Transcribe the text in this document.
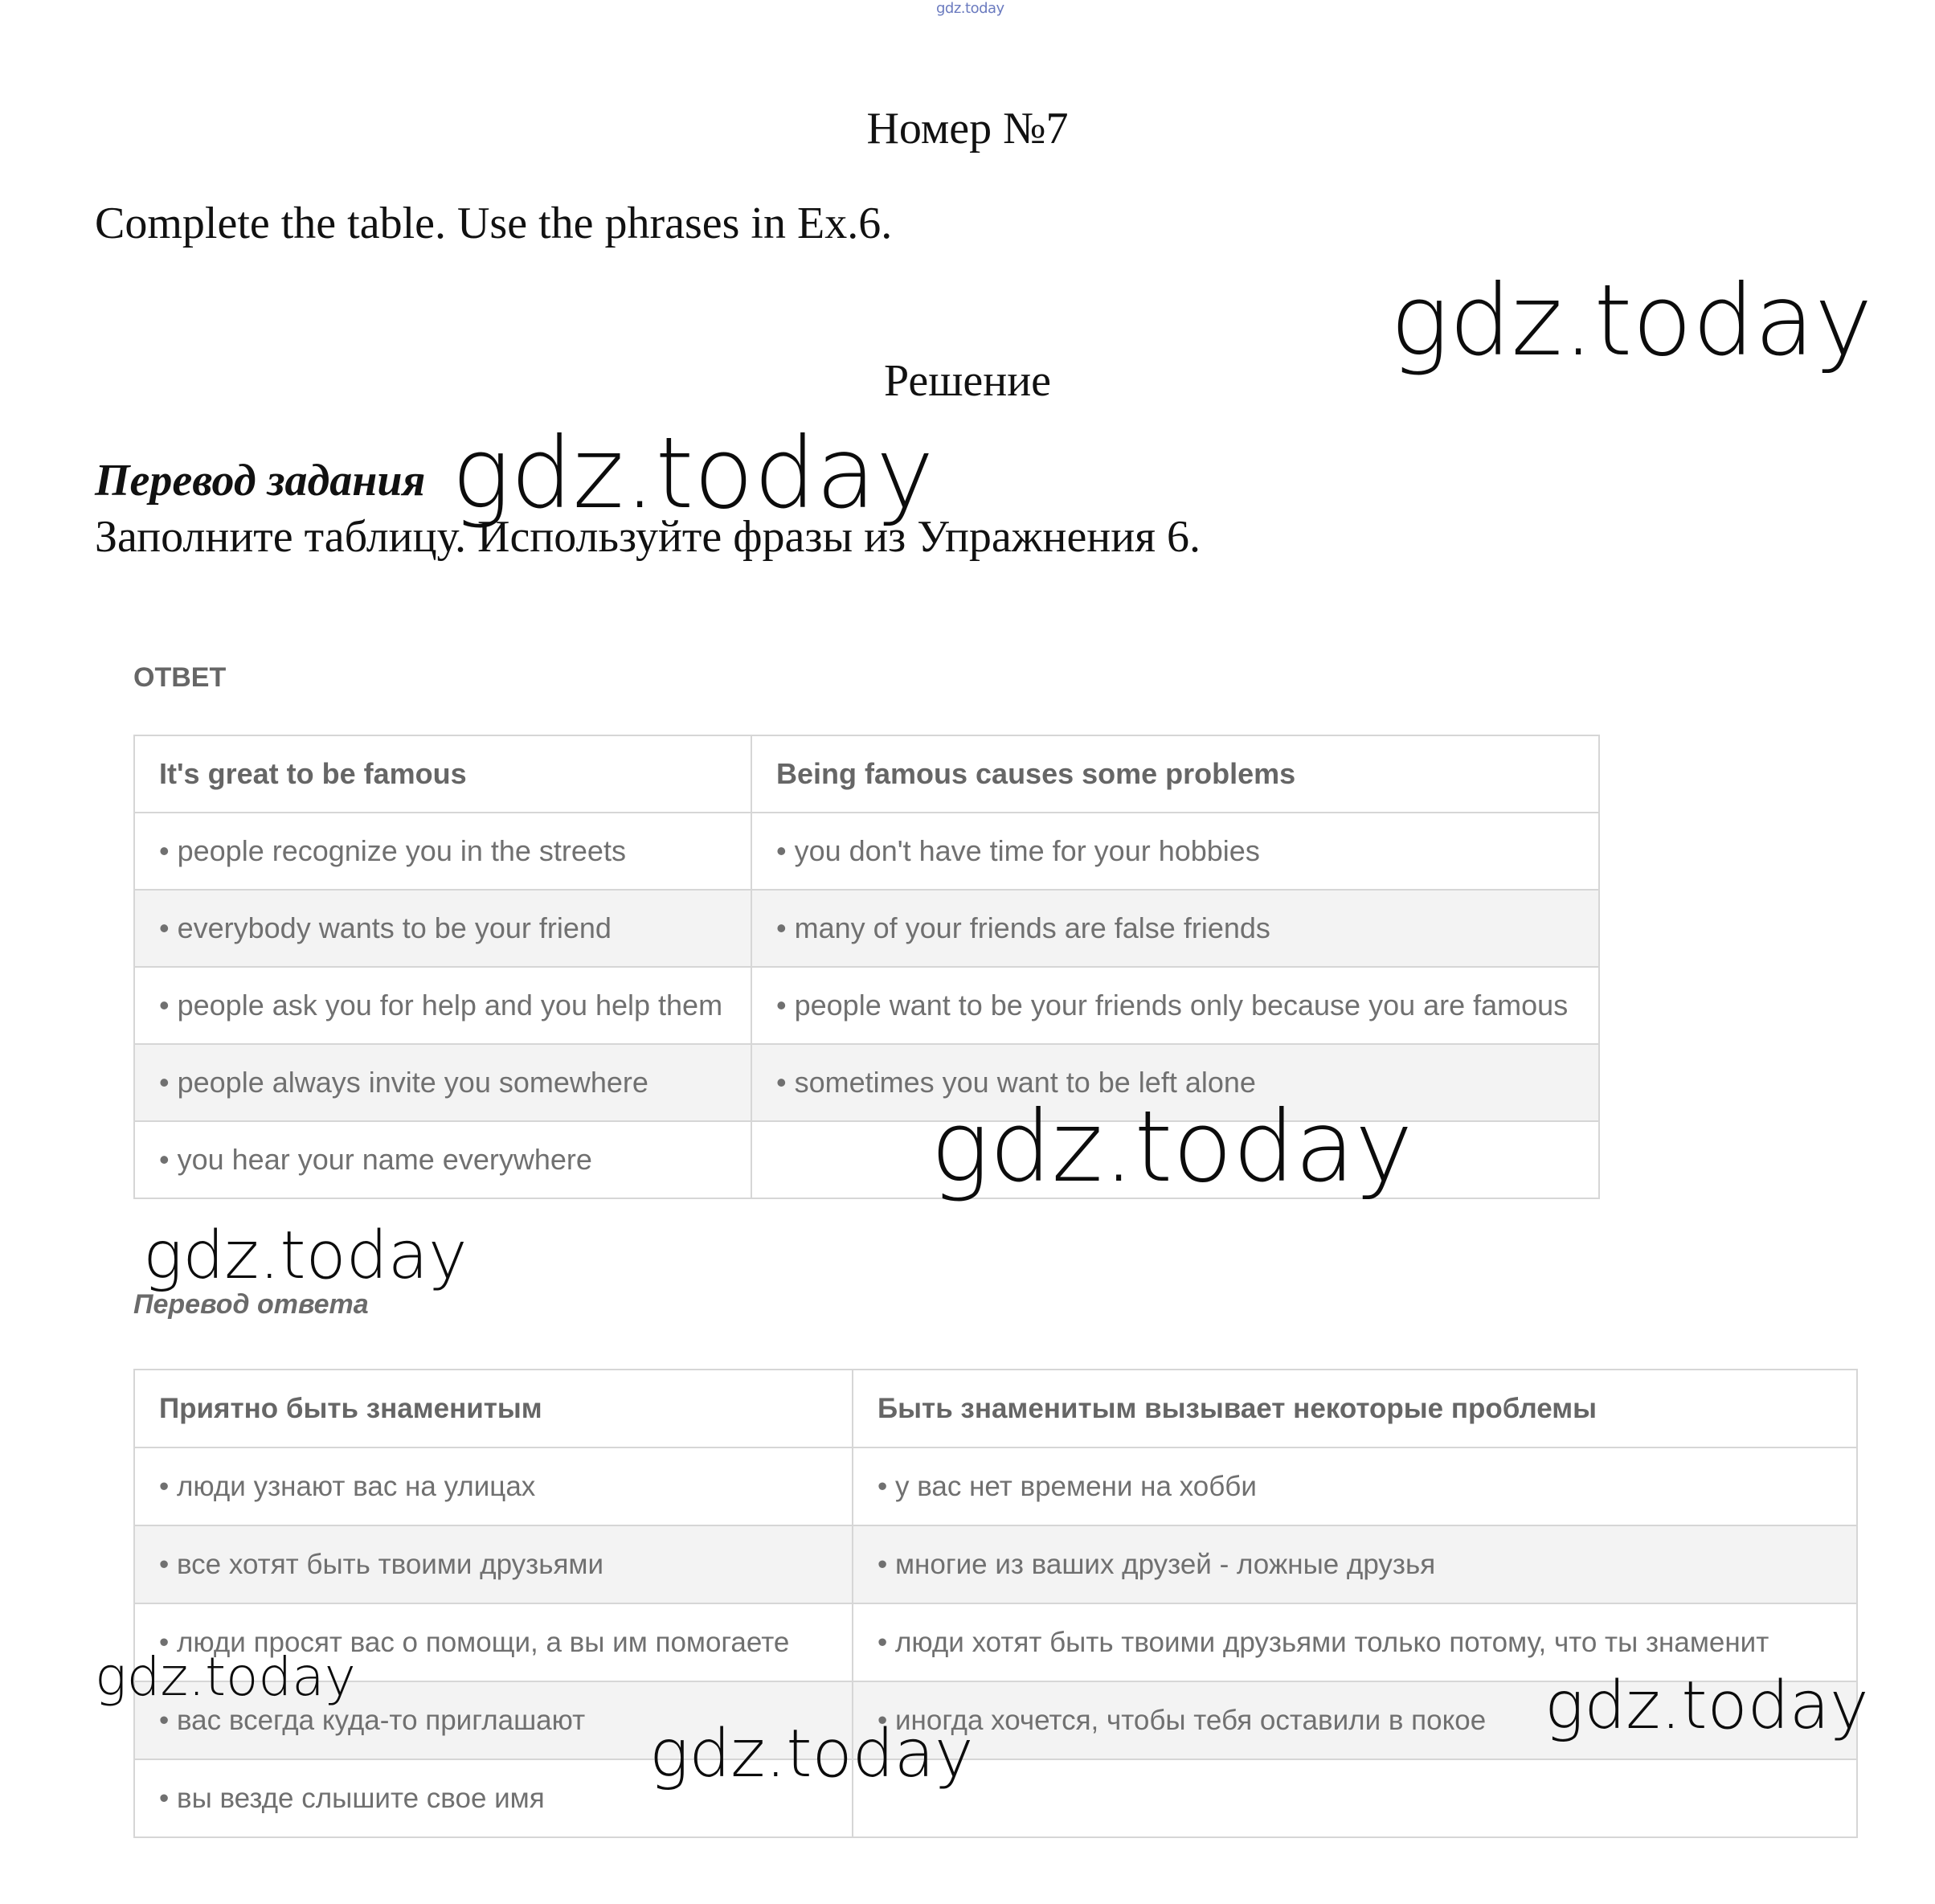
gdz.today
Номер №7
Complete the table. Use the phrases in Ex.6.
Решение
Перевод задания
Заполните таблицу. Используйте фразы из Упражнения 6.
ОТВЕТ
It's great to be famous	Being famous causes some problems
• people recognize you in the streets	• you don't have time for your hobbies
• everybody wants to be your friend	• many of your friends are false friends
• people ask you for help and you help them	• people want to be your friends only because you are famous
• people always invite you somewhere	• sometimes you want to be left alone
• you hear your name everywhere	
Перевод ответа
Приятно быть знаменитым	Быть знаменитым вызывает некоторые проблемы
• люди узнают вас на улицах	• у вас нет времени на хобби
• все хотят быть твоими друзьями	• многие из ваших друзей - ложные друзья
• люди просят вас о помощи, а вы им помогаете	• люди хотят быть твоими друзьями только потому, что ты знаменит
• вас всегда куда-то приглашают	• иногда хочется, чтобы тебя оставили в покое
• вы везде слышите свое имя	
gdz.today
gdz.today
gdz.today
gdz.today
gdz.today	gdz.today
gdz.today
